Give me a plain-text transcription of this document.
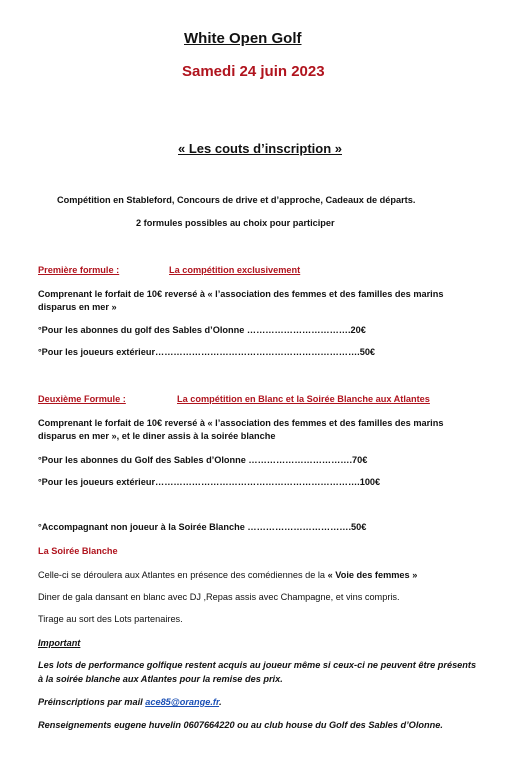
White Open Golf
Samedi 24 juin 2023
« Les couts d’inscription »
Compétition en Stableford, Concours de drive et d’approche, Cadeaux de départs.
2 formules possibles au choix pour participer
Première formule :	La compétition exclusivement
Comprenant le forfait de 10€ reversé à « l’association des femmes et des familles des marins
disparus en mer »
°Pour les abonnes du golf des Sables d’Olonne …………………………….20€
°Pour les joueurs extérieur………………………………………………………….50€
Deuxième Formule :	La compétition en Blanc et la Soirée Blanche aux Atlantes
Comprenant le forfait de 10€ reversé à « l’association des femmes et des familles des marins
disparus en mer », et le diner assis à la soirée blanche
°Pour les abonnes du Golf des Sables d’Olonne …………………………….70€
°Pour les joueurs extérieur………………………………………………………….100€
°Accompagnant non joueur à la Soirée Blanche …………………………….50€
La Soirée Blanche
Celle-ci se déroulera aux Atlantes en présence des comédiennes de la « Voie des femmes »
Diner de gala dansant en blanc avec DJ ,Repas assis avec Champagne, et vins compris.
Tirage au sort des Lots partenaires.
Important
Les lots de performance golfique restent acquis au joueur même si ceux-ci ne peuvent être présents
à la soirée blanche aux Atlantes pour la remise des prix.
Préinscriptions par mail ace85@orange.fr.
Renseignements eugene huvelin 0607664220 ou au club house du Golf des Sables d’Olonne.
